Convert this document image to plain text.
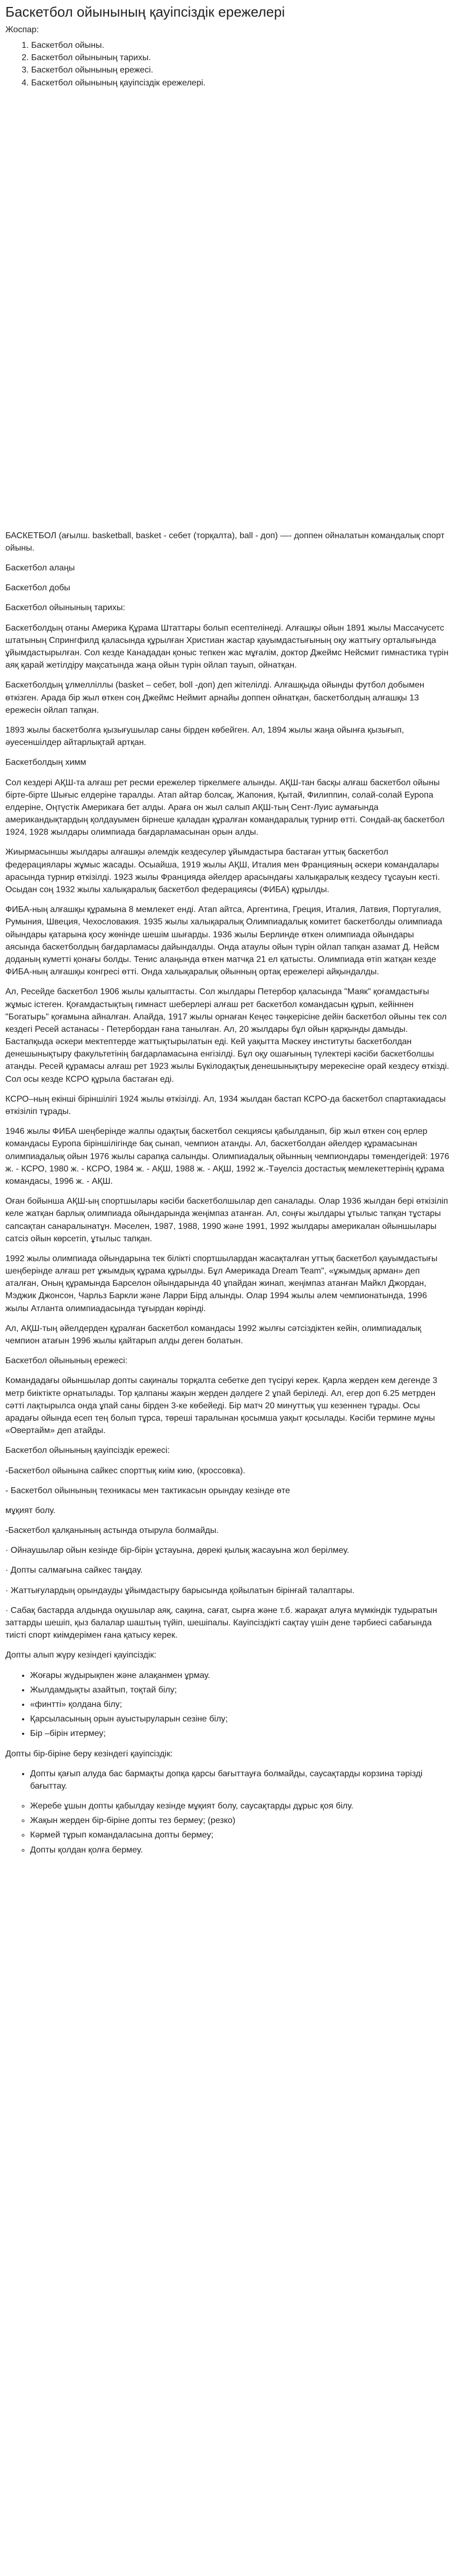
Баскетбол ойынының қауіпсіздік ережелері
Жоспар:
1. Баскетбол ойыны.
2. Баскетбол ойынының тарихы.
3. Баскетбол ойынының ережесі.
4. Баскетбол ойынының қауіпсіздік ережелері.

БАСКЕТБОЛ (ағылш. basketball, basket - себет (торқалта), ball - доп) —- доппен ойналатын командалық спорт ойыны.

Баскетбол алаңы

Баскетбол добы

Баскетбол ойынының тарихы:

Баскетболдың отаны Америка Құрама Штаттары болып есептелінеді. Алғашқы ойын 1891 жылы Массачусетс штатының Спрингфилд қаласында құрылған Христиан жастар қауымдастығының оқу жаттығу орталығында ұйымдастырылған. Сол кезде Канададан қоныс тепкен жас мұғалім, доктор Джеймс Нейсмит гимнастика түрін аяқ қарай жетілдіру мақсатында жаңа ойын түрін ойлап тауып, ойнатқан.

Баскетболдың ұлмелліллы (basket – себет, boll -доп) деп жітелілді. Алғашқыда ойынды футбол добымен өткізген. Арада бір жыл өткен соң Джеймс Неймит арнайы доппен ойнатқан, баскетболдың алғашқы 13 ережесін ойлап тапқан.

1893 жылы баскетболға қызығушылар саны бірден көбейген. Ал, 1894 жылы жаңа ойынға қызығып, әуесеншілдер айтарлықтай артқан.

Баскетболдың химм

Сол кездері АҚШ-та алғаш рет ресми ережелер тіркелмеге алынды. АҚШ-тан басқы алғаш баскетбол ойыны бірте-бірте Шығыс елдеріне таралды. Атап айтар болсақ, Жапония, Қытай, Филиппин, солай-солай Еуропа елдеріне, Оңтүстік Америкаға бет алды. Араға он жыл салып АҚШ-тың Сент-Луис аумағында американдықтардың қолдауымен бірнеше қаладан құралған командаралық турнир өтті. Сондай-ақ баскетбол 1924, 1928 жылдары олимпиада бағдарламасынан орын алды.

Жиырмасыншы жылдары алғашқы әлемдік кездесулер ұйымдастыра бастаған уттық баскетбол федерациялары жұмыс жасады. Осыайша, 1919 жылы АҚШ, Италия мен Францияның әскери командалары арасында турнир өткізілді. 1923 жылы Францияда әйелдер арасындағы халықаралық кездесу тұсауын кесті. Осыдан соң 1932 жылы халықаралық баскетбол федерациясы (ФИБА) құрылды.

ФИБА-ның алғашқы құрамына 8 мемлекет енді. Атап айтса, Аргентина, Греция, Италия, Латвия, Португалия, Румыния, Швеция, Чехословакия. 1935 жылы халықаралық Олимпиадалық комитет баскетболды олимпиада ойындары қатарына қосу жөнінде шешім шығарды. 1936 жылы Берлинде өткен олимпиада ойындары аясында баскетболдың бағдарламасы дайындалды. Онда атаулы ойын түрін ойлап тапқан азамат Д. Нейсм доданың куметті қонағы болды. Тенис алаңында өткен матчқа 21 ел қатысты. Олимпиада өтіп жатқан кезде ФИБА-ның алғашқы конгресі өтті. Онда халықаралық ойынның ортақ ережелері айқындалды.

Ал, Ресейде баскетбол 1906 жылы қалыптасты. Сол жылдары Петербор қаласында "Маяк" қоғамдастығы жұмыс істеген. Қоғамдастықтың гимнаст шеберлері алғаш рет баскетбол командасын құрып, кейіннен "Богатырь" қоғамына айналған. Алайда, 1917 жылы орнаған Кеңес тәңкерісіне дейін баскетбол ойыны тек сол кездегі Ресей астанасы - Петербордан ғана танылған. Ал, 20 жылдары бұл ойын қарқынды дамыды. Бастапқыда әскери мектептерде жаттықтырылатын еді. Кей уақытта Мәскеу институты баскетболдан денешынықтыру факультетінің бағдарламасына енгізілді. Бұл оқу ошағының түлектері кәсіби баскетболшы атанды. Ресей құрамасы алғаш рет 1923 жылы Бүкілодақтық денешынықтыру мерекесіне орай кездесу өткізді. Сол осы кезде КСРО құрыла бастаған еді.

КСРО–ның екінші біріншілігі 1924 жылы өткізілді. Ал, 1934 жылдан бастап КСРО-да баскетбол спартакиадасы өткізіліп тұрады.

1946 жылы ФИБА шеңберінде жалпы одақтық баскетбол секциясы қабылданып, бір жыл өткен соң ерлер командасы Еуропа біріншілігінде бақ сынап, чемпион атанды. Ал, баскетболдан әйелдер құрамасынан олимпиадалық ойын 1976 жылы сарапқа салынды. Олимпиадалық ойынның чемпиондары төмендегідей: 1976 ж. - КСРО, 1980 ж. - КСРО, 1984 ж. - АҚШ, 1988 ж. - АҚШ, 1992 ж.-Тәуелсіз достастық мемлекеттерінің құрама командасы, 1996 ж. - АҚШ.

Оған бойынша АҚШ-ың спортшылары кәсіби баскетболшылар деп саналады. Олар 1936 жылдан бері өткізіліп келе жатқан барлық олимпиада ойындарында жеңімпаз атанған. Ал, соңғы жылдары ұтылыс тапқан тұстары сапсақтан санаралынатұн. Мәселен, 1987, 1988, 1990 және 1991, 1992 жылдары америкалан ойыншылары сатсіз ойын көрсетіп, ұтылыс тапқан.

1992 жылы олимпиада ойындарына тек біліктi спортшылардан жасақталған уттық баскетбол қауымдастығы шеңберінде алғаш рет ұжымдық құрама құрылды. Бұл Америкада Dream Team", «ұжымдық арман» деп аталған, Оның құрамында Барселон ойындарында 40 ұпайдан жинап, жеңімпаз атанған Майкл Джордан, Мэджик Джонсон, Чарльз Баркли және Ларри Бірд алынды. Олар 1994 жылы әлем чемпионатында, 1996 жылы Атланта олимпиадасында тұғырдан көрінді.

Ал, АҚШ-тың әйелдерден құралған баскетбол командасы 1992 жылғы сәтсіздіктен кейін, олимпиадалық чемпион атағын 1996 жылы қайтарып алды деген болатын.

Баскетбол ойынының ережесі:

Командадағы ойыншылар допты сақиналы торқалта себетке деп түсіруі керек. Қарла жерден кем дегенде 3 метр биіктікте орнатылады. Тор қалпаны жақын жерден дәлдеге 2 ұпай беріледі. Ал, егер доп 6.25 метрден сәтті лақтырылса онда ұпай саны бірден 3-ке көбейеді. Бір матч 20 минуттық үш кезеннен тұрады. Осы арадағы ойында есеп тең болып тұрса, төреші таралынан қосымша уақыт қосылады. Кәсіби термине мұны «Овертайм» деп атайды.

Баскетбол ойынының қауіпсіздік ережесі:

-Баскетбол ойынына сайкес спорттық киім кию, (кроссовка).

- Баскетбол ойынының техникасы мен тактикасын орындау кезінде өте

мұқият болу.

-Баскетбол қалқанының астында отырула болмайды.

· Ойнаушылар ойын кезінде бір-бірін ұстауына, дөрекі қылық жасауына жол берілмеу.

· Допты салмағына сайкес таңдау.

· Жаттығулардың орындауды ұйымдастыру барысында қойылатын бірінғай талаптары.

· Сабақ бастарда алдында оқушылар аяқ, сақина, сағат, сырға және т.б. жарақат алуға мүмкіндік тудыратын заттарды шешіп, қыз балалар шаштың түйіп, шешіпалы. Кауіпсіздікті сақтау үшін дене тәрбиесі сабағында тиісті спорт киімдерімен ғана қатысу керек.

Допты алып жүру кезіндегі қауіпсіздік:

• Жоғары жүдырықпен және алақанмен ұрмау.
• Жылдамдықты азайтып, тоқтай білу;
• «финтті» қолдана білу;
• Қарсыласының орын ауыстыруларын сезіне білу;
• Бір –бірін итермеу;

Допты бір-біріне беру кезіндегі қауіпсіздік:

• Допты қағып алуда бас бармақты допқа қарсы бағыттауға болмайды, саусақтарды корзина тәріздi бағыттау.
◦ Жеребе ұшын допты қабылдау кезінде мұқият болу, саусақтарды дұрыс қоя білу.
◦ Жақын жерден бір-біріне допты тез бермеу; (резко)
◦ Кәрмей тұрып командаласына допты бермеу;
◦ Допты қолдан қолға бермеу.
